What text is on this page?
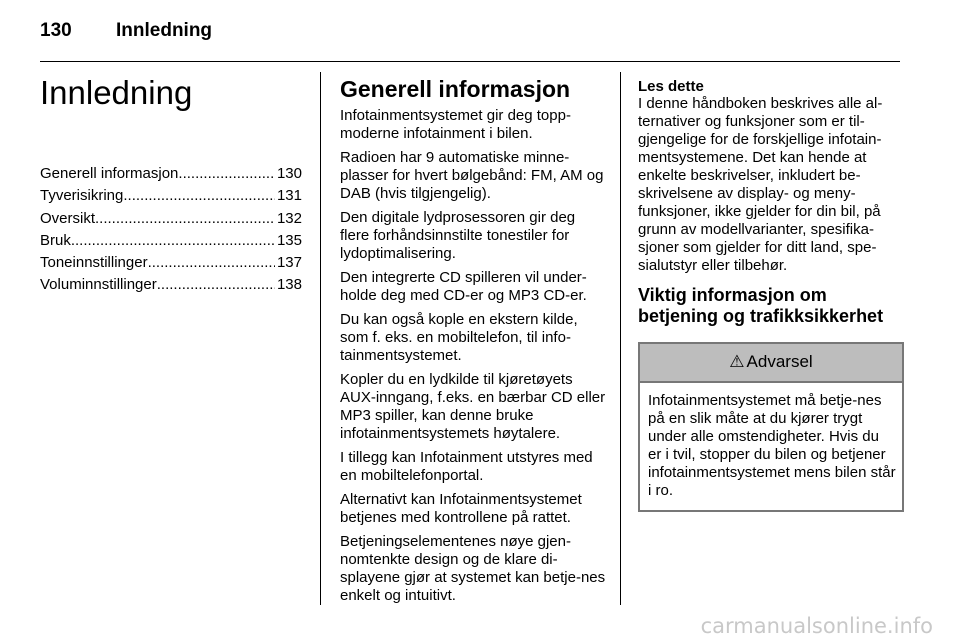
130 Innledning
Innledning
Generell informasjon .....	130
Tyverisikring .....	131
Oversikt .....	132
Bruk .....	135
Toneinnstillinger .....	137
Voluminnstillinger .....	138
Generell informasjon

Infotainmentsystemet gir deg topp-moderne infotainment i bilen.

Radioen har 9 automatiske minne-plasser for hvert bølgebånd: FM, AM og DAB (hvis tilgjengelig).

Den digitale lydprosessoren gir deg flere forhåndsinnstilte tonestiler for lydoptimalisering.

Den integrerte CD spilleren vil under-holde deg med CD-er og MP3 CD-er.

Du kan også kople en ekstern kilde, som f. eks. en mobiltelefon, til info-tainmentsystemet.

Kopler du en lydkilde til kjøretøyets AUX-inngang, f.eks. en bærbar CD eller MP3 spiller, kan denne bruke infotainmentsystemets høytalere.

I tillegg kan Infotainment utstyres med en mobiltelefonportal.

Alternativt kan Infotainmentsystemet betjenes med kontrollene på rattet.

Betjeningselementenes nøye gjen-nomtenkte design og de klare di-splayene gjør at systemet kan betje-nes enkelt og intuitivt.

Les dette

I denne håndboken beskrives alle al-ternativer og funksjoner som er til-gjengelige for de forskjellige infotain-mentsystemene. Det kan hende at enkelte beskrivelser, inkludert be-skrivelsene av display- og meny-funksjoner, ikke gjelder for din bil, på grunn av modellvarianter, spesifika-sjoner som gjelder for ditt land, spe-sialutstyr eller tilbehør.

Viktig informasjon om betjening og trafikksikkerhet
⚠ Advarsel
Infotainmentsystemet må betje-nes på en slik måte at du kjører trygt under alle omstendigheter. Hvis du er i tvil, stopper du bilen og betjener infotainmentsystemet mens bilen står i ro.
carmanualsonline.info
